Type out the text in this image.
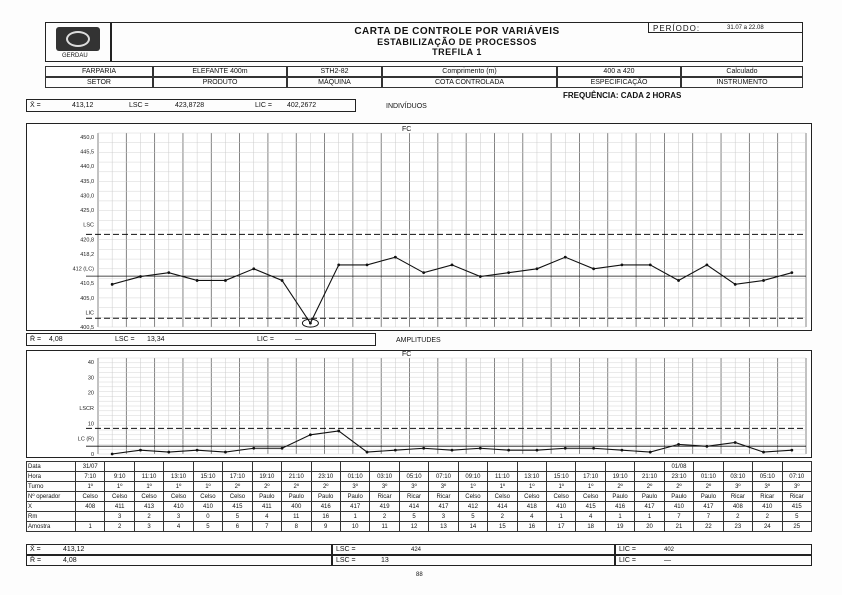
GERDAU
CARTA DE CONTROLE POR VARIÁVEIS
ESTABILIZAÇÃO DE PROCESSOS
TREFILA 1
PERÍODO:	31.07 a 22.08
FARPARIA	ELEFANTE 400m	STH2-82	Comprimento (m)	400 a 420	Calculado
SETOR	PRODUTO	MÁQUINA	COTA CONTROLADA	ESPECIFICAÇÃO	INSTRUMENTO
FREQUÊNCIA: CADA 2 HORAS
X̄ =	413,12	LSC =	423,8728	LIC = 402,2672	INDIVÍDUOS
450,0
445,5
440,0
435,0
430,0
425,0
LSC
420,8
418,2
412 (LC)
410,5
405,0
LIC
400,5
FC
R̄ = 4,08	LSC = 13,34	LIC =	—	AMPLITUDES
40
30
20
LSCR
10
LC (R)
0
FC
Data	31/07																				01/08				
Hora	7:10	9:10	11:10	13:10	15:10	17:10	19:10	21:10	23:10	01:10	03:10	05:10	07:10	09:10	11:10	13:10	15:10	17:10	19:10	21:10	23:10	01:10	03:10	05:10	07:10
Turno	1º	1º	1º	1º	1º	2º	2º	2º	2º	3º	3º	3º	3º	1º	1º	1º	1º	1º	2º	2º	2º	2º	3º	3º	3º
Nº operador	Celso	Celso	Celso	Celso	Celso	Celso	Paulo	Paulo	Paulo	Paulo	Ricar	Ricar	Ricar	Celso	Celso	Celso	Celso	Celso	Paulo	Paulo	Paulo	Paulo	Ricar	Ricar	Ricar
X	408	411	413	410	410	415	411	400	416	417	419	414	417	412	414	418	410	415	416	417	410	417	408	410	415
Rm		3	2	3	0	5	4	11	16	1	2	5	3	5	2	4	1	4	1	1	7	7	2	2	5
Amostra	1	2	3	4	5	6	7	8	9	10	11	12	13	14	15	16	17	18	19	20	21	22	23	24	25
X̄ =	413,12
R̄ =	4,08
LSC =	424
LSC =	13
LIC =	402
LIC =	—
88
